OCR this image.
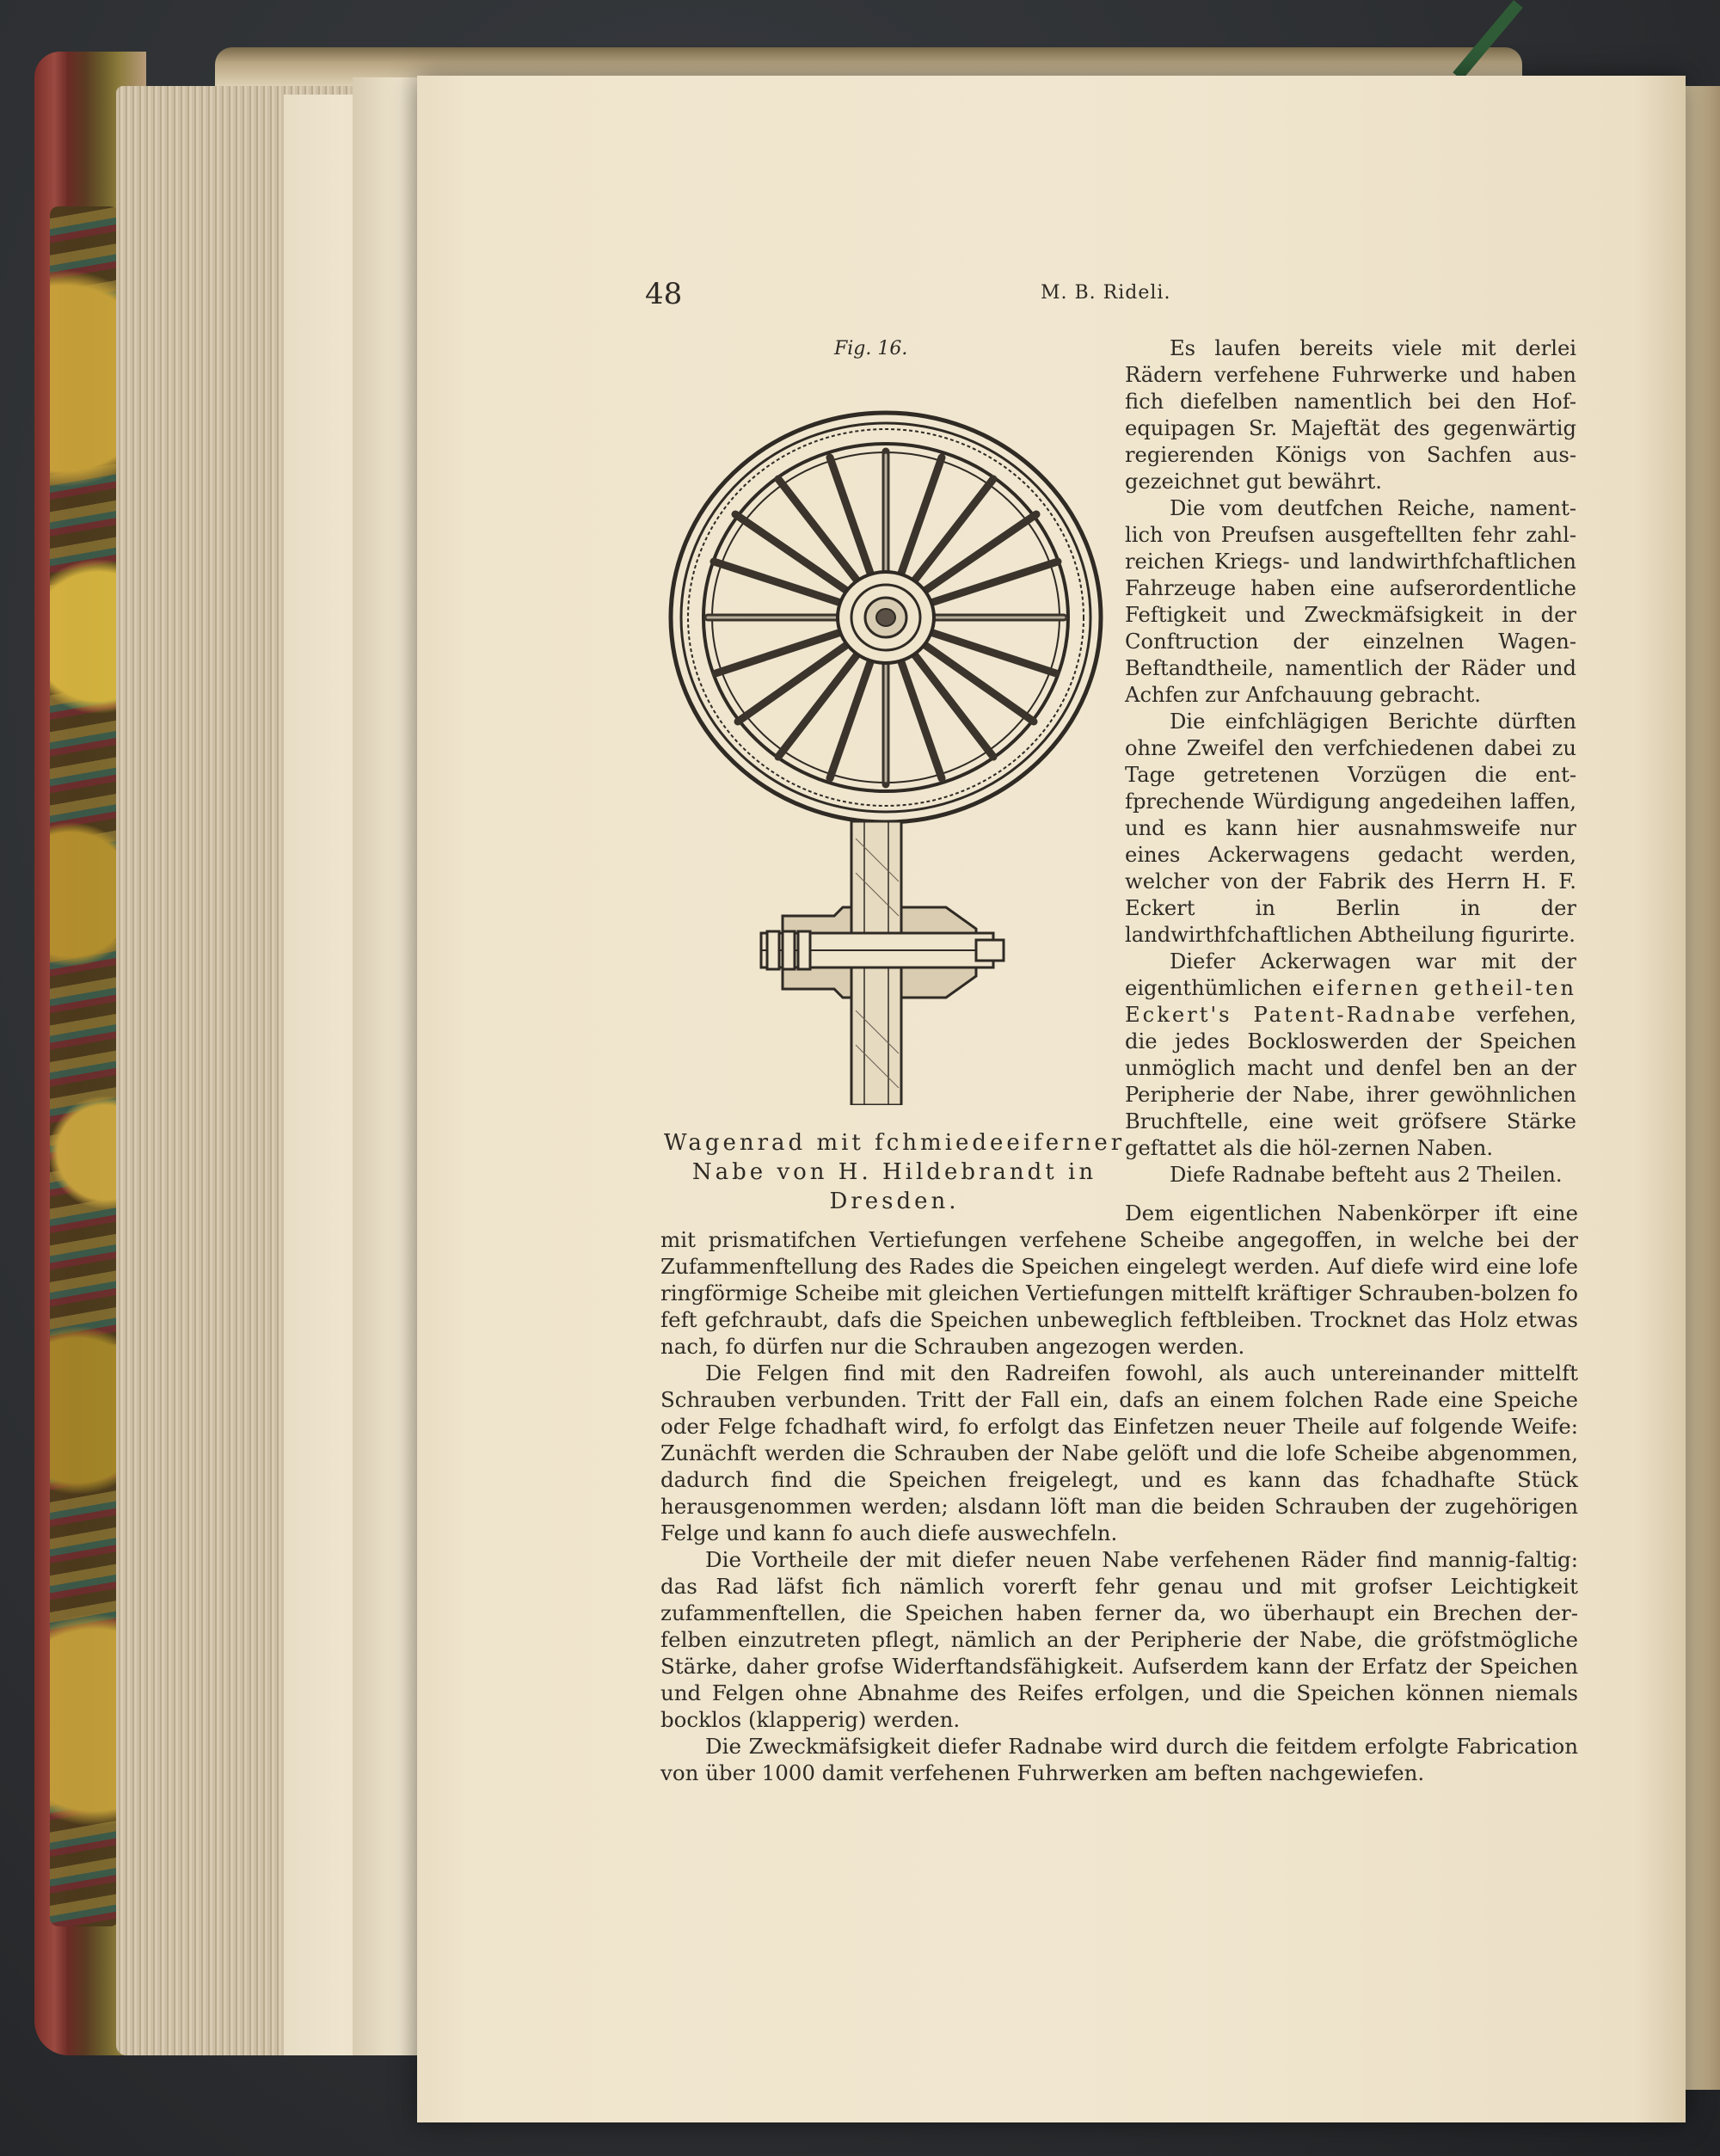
48	M. B. Rideli.
Fig. 16.
Wagenrad mit fchmiedeeiferner
Nabe von H. Hildebrandt in
Dresden.

Es laufen bereits viele mit derlei Rädern verfehene Fuhrwerke und haben fich diefelben namentlich bei den Hof-equipagen Sr. Majeftät des gegenwärtig regierenden Königs von Sachfen aus-gezeichnet gut bewährt.

Die vom deutfchen Reiche, nament-lich von Preufsen ausgeftellten fehr zahl-reichen Kriegs- und landwirthfchaftlichen Fahrzeuge haben eine aufserordentliche Feftigkeit und Zweckmäfsigkeit in der Conftruction der einzelnen Wagen-Beftandtheile, namentlich der Räder und Achfen zur Anfchauung gebracht.

Die einfchlägigen Berichte dürften ohne Zweifel den verfchiedenen dabei zu Tage getretenen Vorzügen die ent-fprechende Würdigung angedeihen laffen, und es kann hier ausnahmsweife nur eines Ackerwagens gedacht werden, welcher von der Fabrik des Herrn H. F. Eckert in Berlin in der landwirthfchaftlichen Abtheilung figurirte.

Diefer Ackerwagen war mit der eigenthümlichen eifernen getheil-ten Eckert's Patent-Radnabe verfehen, die jedes Bockloswerden der Speichen unmöglich macht und denfel ben an der Peripherie der Nabe, ihrer gewöhnlichen Bruchftelle, eine weit gröfsere Stärke geftattet als die höl-zernen Naben.

Diefe Radnabe befteht aus 2 Theilen.

Dem eigentlichen Nabenkörper ift eine mit prismatifchen Vertiefungen verfehene Scheibe angegoffen, in welche bei der Zufammenftellung des Rades die Speichen eingelegt werden. Auf diefe wird eine lofe ringförmige Scheibe mit gleichen Vertiefungen mittelft kräftiger Schrauben-bolzen fo feft gefchraubt, dafs die Speichen unbeweglich feftbleiben. Trocknet das Holz etwas nach, fo dürfen nur die Schrauben angezogen werden.

Die Felgen find mit den Radreifen fowohl, als auch untereinander mittelft Schrauben verbunden. Tritt der Fall ein, dafs an einem folchen Rade eine Speiche oder Felge fchadhaft wird, fo erfolgt das Einfetzen neuer Theile auf folgende Weife: Zunächft werden die Schrauben der Nabe gelöft und die lofe Scheibe abgenommen, dadurch find die Speichen freigelegt, und es kann das fchadhafte Stück herausgenommen werden; alsdann löft man die beiden Schrauben der zugehörigen Felge und kann fo auch diefe auswechfeln.

Die Vortheile der mit diefer neuen Nabe verfehenen Räder find mannig-faltig: das Rad läfst fich nämlich vorerft fehr genau und mit grofser Leichtigkeit zufammenftellen, die Speichen haben ferner da, wo überhaupt ein Brechen der-felben einzutreten pflegt, nämlich an der Peripherie der Nabe, die gröfstmögliche Stärke, daher grofse Widerftandsfähigkeit. Aufserdem kann der Erfatz der Speichen und Felgen ohne Abnahme des Reifes erfolgen, und die Speichen können niemals bocklos (klapperig) werden.

Die Zweckmäfsigkeit diefer Radnabe wird durch die feitdem erfolgte Fabrication von über 1000 damit verfehenen Fuhrwerken am beften nachgewiefen.
